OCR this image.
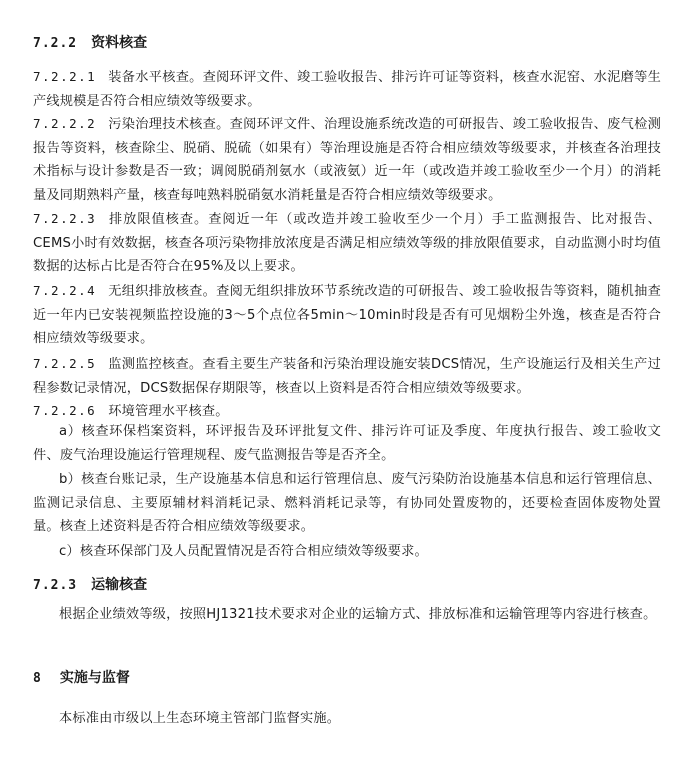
7.2.2 资料核查
7.2.2.1 装备水平核查。查阅环评文件、竣工验收报告、排污许可证等资料，核查水泥窑、水泥磨等生产线规模是否符合相应绩效等级要求。
7.2.2.2 污染治理技术核查。查阅环评文件、治理设施系统改造的可研报告、竣工验收报告、废气检测报告等资料，核查除尘、脱硝、脱硫（如果有）等治理设施是否符合相应绩效等级要求，并核查各治理技术指标与设计参数是否一致；调阅脱硝剂氨水（或液氨）近一年（或改造并竣工验收至少一个月）的消耗量及同期熟料产量，核查每吨熟料脱硝氨水消耗量是否符合相应绩效等级要求。
7.2.2.3 排放限值核查。查阅近一年（或改造并竣工验收至少一个月）手工监测报告、比对报告、CEMS小时有效数据，核查各项污染物排放浓度是否满足相应绩效等级的排放限值要求，自动监测小时均值数据的达标占比是否符合在95%及以上要求。
7.2.2.4 无组织排放核查。查阅无组织排放环节系统改造的可研报告、竣工验收报告等资料，随机抽查近一年内已安装视频监控设施的3～5个点位各5min～10min时段是否有可见烟粉尘外逸，核查是否符合相应绩效等级要求。
7.2.2.5 监测监控核查。查看主要生产装备和污染治理设施安装DCS情况，生产设施运行及相关生产过程参数记录情况，DCS数据保存期限等，核查以上资料是否符合相应绩效等级要求。
7.2.2.6 环境管理水平核查。
a）核查环保档案资料，环评报告及环评批复文件、排污许可证及季度、年度执行报告、竣工验收文件、废气治理设施运行管理规程、废气监测报告等是否齐全。
b）核查台账记录，生产设施基本信息和运行管理信息、废气污染防治设施基本信息和运行管理信息、监测记录信息、主要原辅材料消耗记录、燃料消耗记录等，有协同处置废物的，还要检查固体废物处置量。核查上述资料是否符合相应绩效等级要求。
c）核查环保部门及人员配置情况是否符合相应绩效等级要求。
7.2.3 运输核查
根据企业绩效等级，按照HJ1321技术要求对企业的运输方式、排放标准和运输管理等内容进行核查。
8 实施与监督
本标准由市级以上生态环境主管部门监督实施。
